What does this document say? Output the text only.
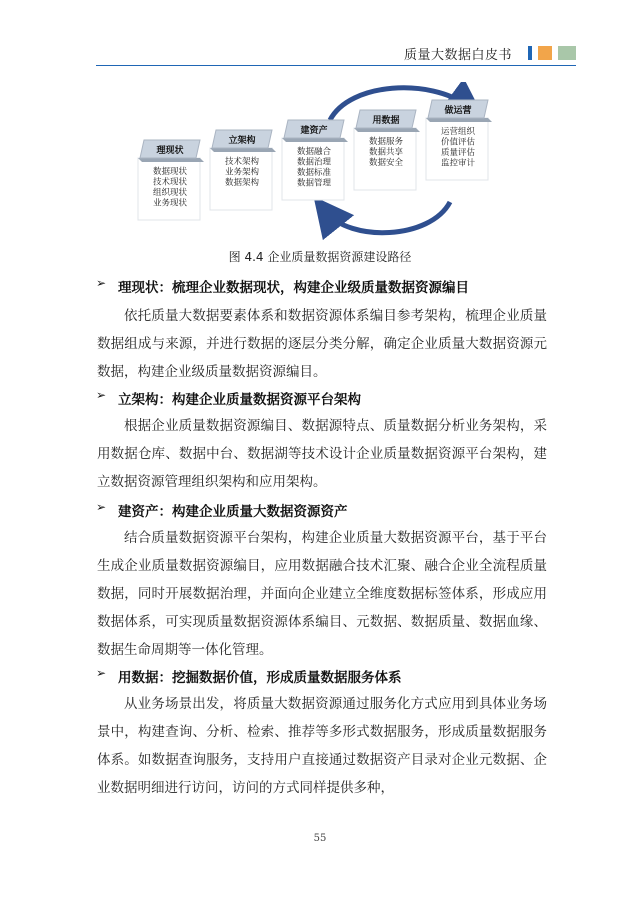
质量大数据白皮书
理现状
数据现状
技术现状
组织现状
业务现状
立架构
技术架构
业务架构
数据架构
建资产
数据融合
数据治理
数据标准
数据管理
用数据
数据服务
数据共享
数据安全
做运营
运营组织
价值评估
质量评估
监控审计
图 4.4 企业质量数据资源建设路径
➢ 理现状：梳理企业数据现状，构建企业级质量数据资源编目
依托质量大数据要素体系和数据资源体系编目参考架构，梳理企业质量数据组成与来源，并进行数据的逐层分类分解，确定企业质量大数据资源元数据，构建企业级质量数据资源编目。
➢ 立架构：构建企业质量数据资源平台架构
根据企业质量数据资源编目、数据源特点、质量数据分析业务架构，采用数据仓库、数据中台、数据湖等技术设计企业质量数据资源平台架构，建立数据资源管理组织架构和应用架构。
➢ 建资产：构建企业质量大数据资源资产
结合质量数据资源平台架构，构建企业质量大数据资源平台，基于平台生成企业质量数据资源编目，应用数据融合技术汇聚、融合企业全流程质量数据，同时开展数据治理，并面向企业建立全维度数据标签体系，形成应用数据体系，可实现质量数据资源体系编目、元数据、数据质量、数据血缘、数据生命周期等一体化管理。
➢ 用数据：挖掘数据价值，形成质量数据服务体系
从业务场景出发，将质量大数据资源通过服务化方式应用到具体业务场景中，构建查询、分析、检索、推荐等多形式数据服务，形成质量数据服务体系。如数据查询服务，支持用户直接通过数据资产目录对企业元数据、企业数据明细进行访问，访问的方式同样提供多种，
55
